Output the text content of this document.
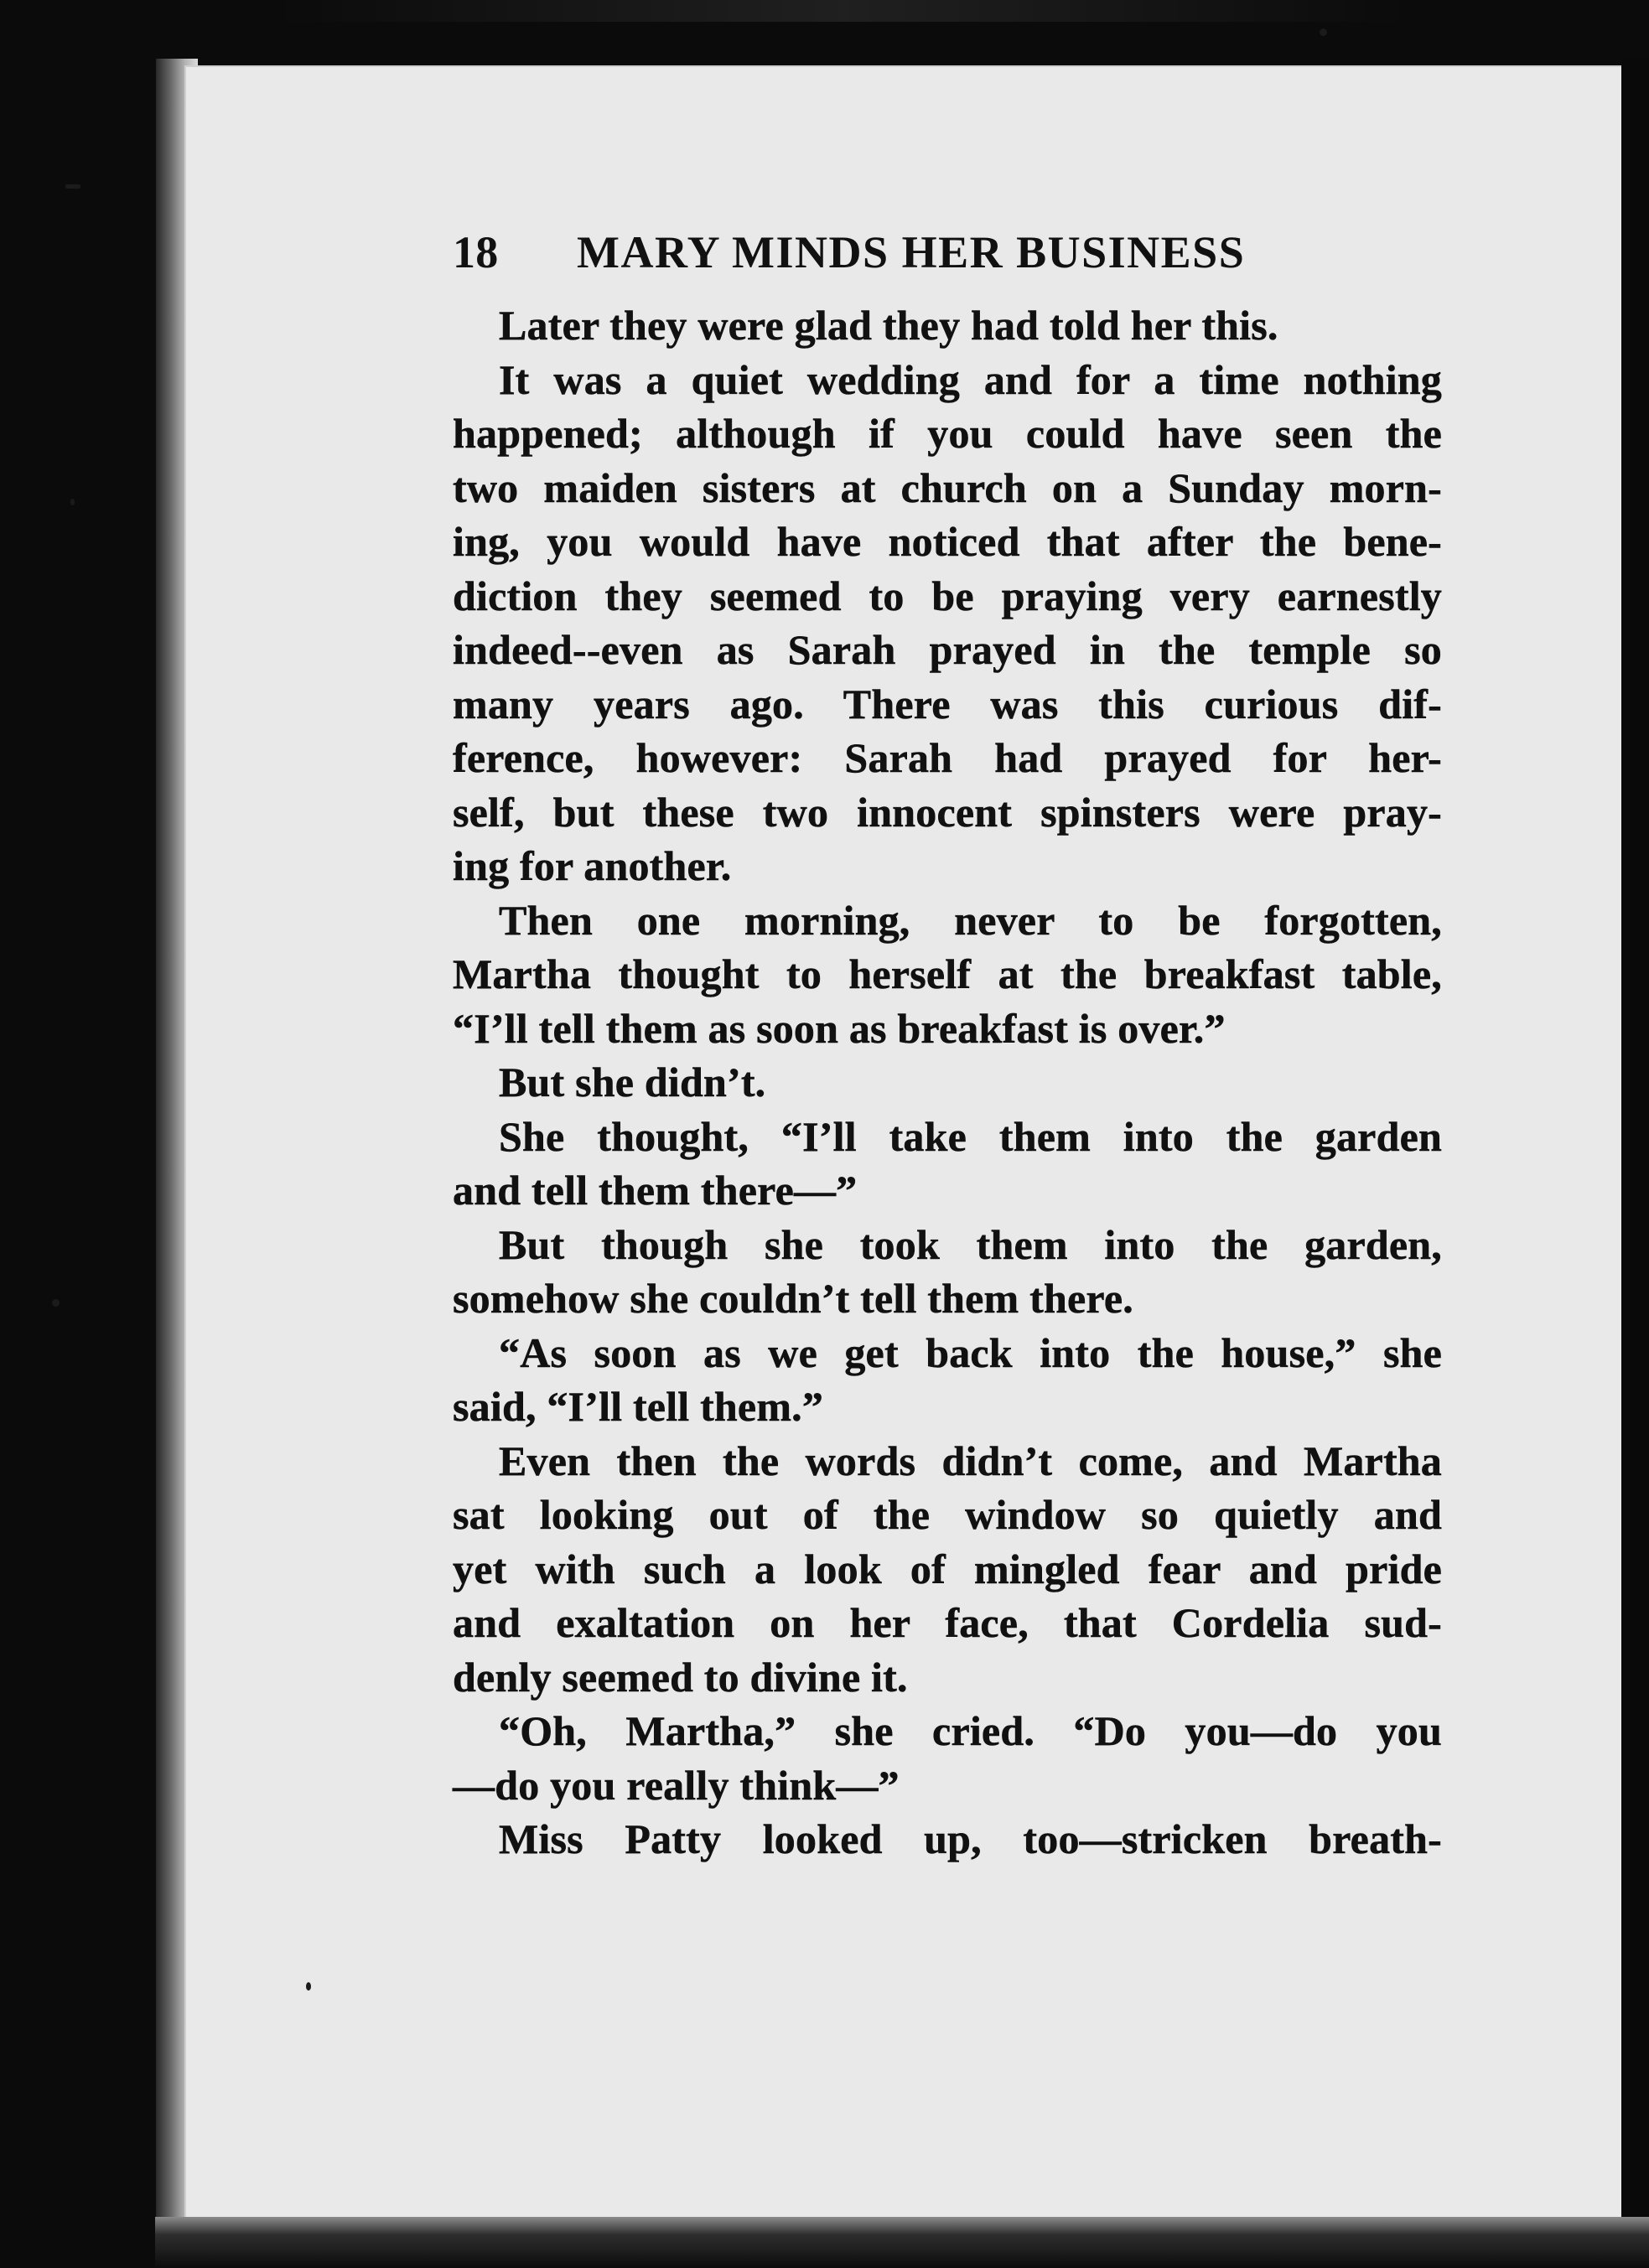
18 MARY MINDS HER BUSINESS
Later they were glad they had told her this.
It was a quiet wedding and for a time nothing
happened; although if you could have seen the
two maiden sisters at church on a Sunday morn-
ing, you would have noticed that after the bene-
diction they seemed to be praying very earnestly
indeed--even as Sarah prayed in the temple so
many years ago. There was this curious dif-
ference, however: Sarah had prayed for her-
self, but these two innocent spinsters were pray-
ing for another.
Then one morning, never to be forgotten,
Martha thought to herself at the breakfast table,
“I’ll tell them as soon as breakfast is over.”
But she didn’t.
She thought, “I’ll take them into the garden
and tell them there—”
But though she took them into the garden,
somehow she couldn’t tell them there.
“As soon as we get back into the house,” she
said, “I’ll tell them.”
Even then the words didn’t come, and Martha
sat looking out of the window so quietly and
yet with such a look of mingled fear and pride
and exaltation on her face, that Cordelia sud-
denly seemed to divine it.
“Oh, Martha,” she cried. “Do you—do you
—do you really think—”
Miss Patty looked up, too—stricken breath-
